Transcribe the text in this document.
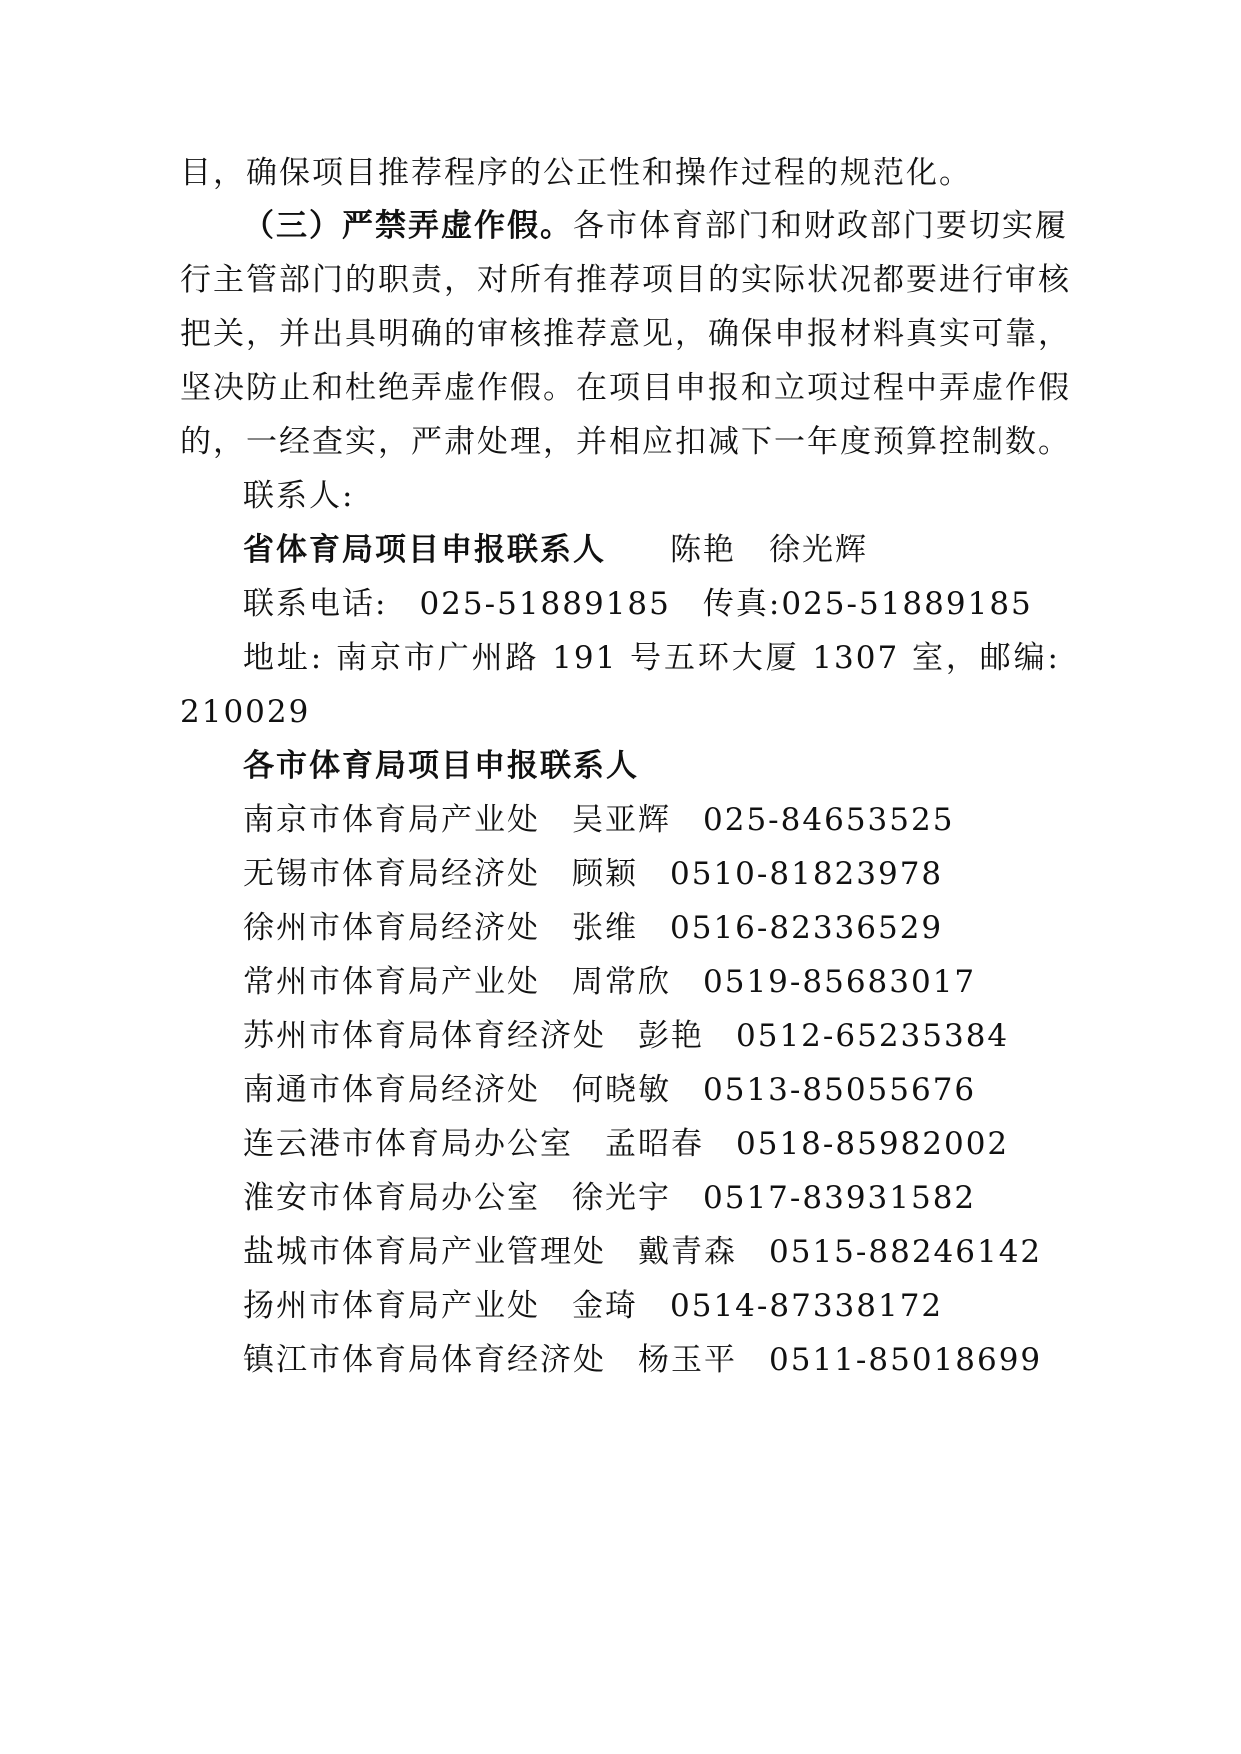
目，确保项目推荐程序的公正性和操作过程的规范化。
（三）严禁弄虚作假。各市体育部门和财政部门要切实履
行主管部门的职责，对所有推荐项目的实际状况都要进行审核
把关，并出具明确的审核推荐意见，确保申报材料真实可靠，
坚决防止和杜绝弄虚作假。在项目申报和立项过程中弄虚作假
的，一经查实，严肃处理，并相应扣减下一年度预算控制数。
联系人:
省体育局项目申报联系人 陈艳　徐光辉
联系电话: 025-51889185 传真:025-51889185
地址: 南京市广州路 191 号五环大厦 1307 室，邮编:
210029
各市体育局项目申报联系人
南京市体育局产业处 吴亚辉 025-84653525
无锡市体育局经济处 顾颖 0510-81823978
徐州市体育局经济处 张维 0516-82336529
常州市体育局产业处 周常欣 0519-85683017
苏州市体育局体育经济处 彭艳 0512-65235384
南通市体育局经济处 何晓敏 0513-85055676
连云港市体育局办公室 孟昭春 0518-85982002
淮安市体育局办公室 徐光宇 0517-83931582
盐城市体育局产业管理处 戴青森 0515-88246142
扬州市体育局产业处 金琦 0514-87338172
镇江市体育局体育经济处 杨玉平 0511-85018699
